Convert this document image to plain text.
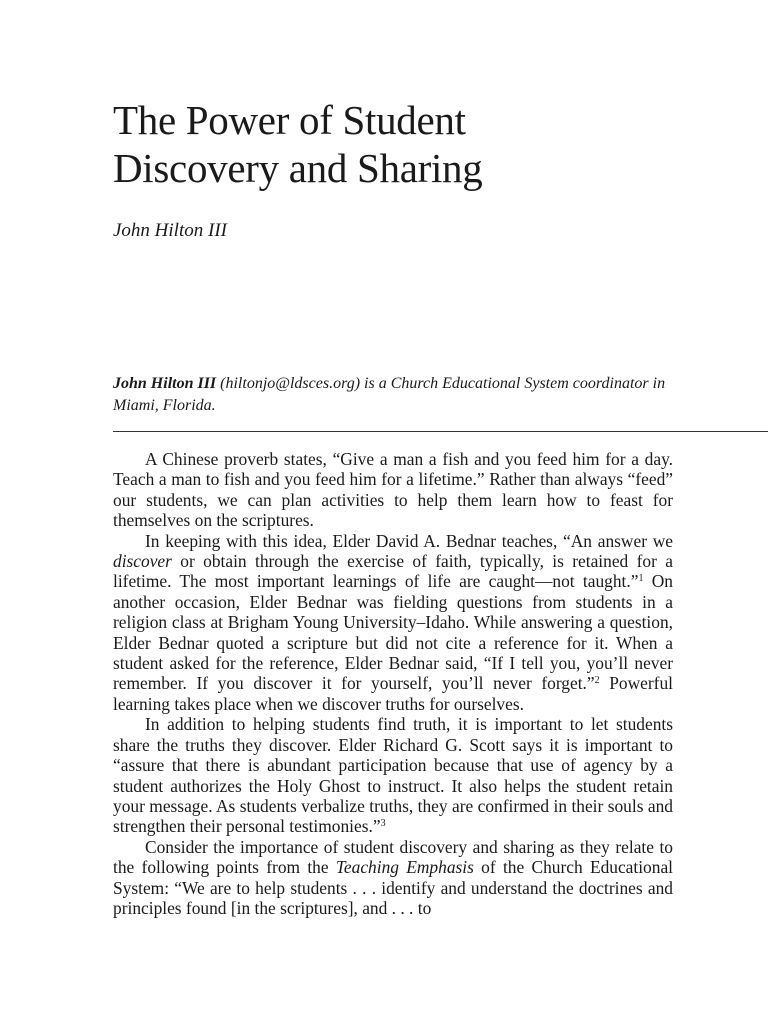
The Power of Student
Discovery and Sharing

John Hilton III

John Hilton III (hiltonjo@ldsces.org) is a Church Educational System coordinator in Miami, Florida.

A Chinese proverb states, “Give a man a fish and you feed him for a day. Teach a man to fish and you feed him for a lifetime.” Rather than always “feed” our students, we can plan activities to help them learn how to feast for themselves on the scriptures.

In keeping with this idea, Elder David A. Bednar teaches, “An answer we discover or obtain through the exercise of faith, typically, is retained for a lifetime. The most important learnings of life are caught—not taught.”$^1$ On another occasion, Elder Bednar was fielding questions from students in a religion class at Brigham Young University–Idaho. While answering a question, Elder Bednar quoted a scripture but did not cite a reference for it. When a student asked for the reference, Elder Bednar said, “If I tell you, you’ll never remember. If you discover it for yourself, you’ll never forget.”$^2$ Powerful learning takes place when we discover truths for ourselves.

In addition to helping students find truth, it is important to let students share the truths they discover. Elder Richard G. Scott says it is important to “assure that there is abundant participation because that use of agency by a student authorizes the Holy Ghost to instruct. It also helps the student retain your message. As students verbalize truths, they are confirmed in their souls and strengthen their personal testimonies.”$^3$

Consider the importance of student discovery and sharing as they relate to the following points from the Teaching Emphasis of the Church Educational System: “We are to help students . . . identify and understand the doctrines and principles found [in the scriptures], and . . . to
